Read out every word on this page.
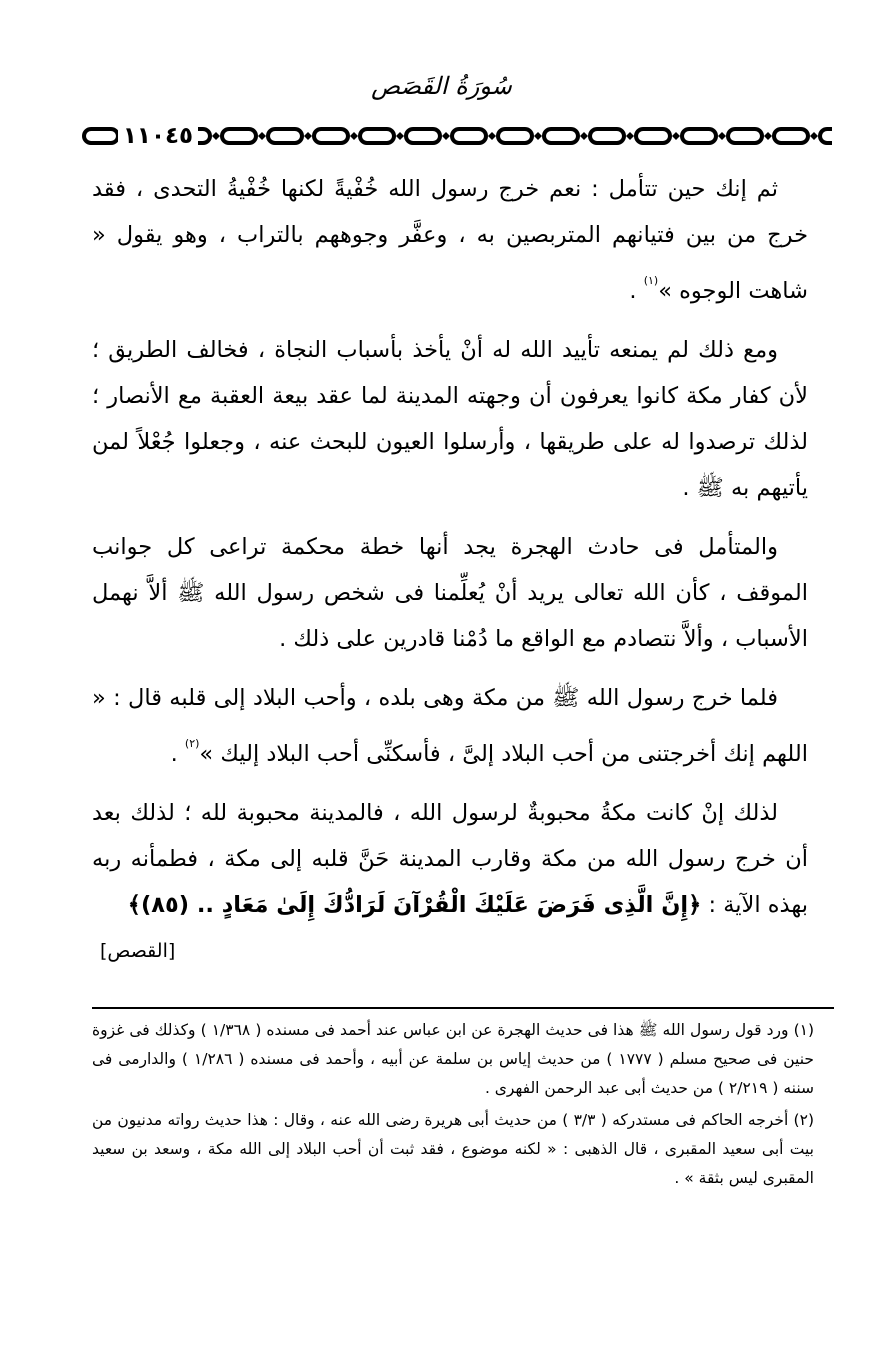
سُورَةُ القَصَص
١١٠٤٥

ثم إنك حين تتأمل : نعم خرج رسول الله خُفْيةً لكنها خُفْيةُ التحدى ، فقد خرج من بين فتيانهم المتربصين به ، وعفَّر وجوههم بالتراب ، وهو يقول « شاهت الوجوه »$^{(١)}$ .

ومع ذلك لم يمنعه تأييد الله له أنْ يأخذ بأسباب النجاة ، فخالف الطريق ؛ لأن كفار مكة كانوا يعرفون أن وجهته المدينة لما عقد بيعة العقبة مع الأنصار ؛ لذلك ترصدوا له على طريقها ، وأرسلوا العيون للبحث عنه ، وجعلوا جُعْلاً لمن يأتيهم به ﷺ .

والمتأمل فى حادث الهجرة يجد أنها خطة محكمة تراعى كل جوانب الموقف ، كأن الله تعالى يريد أنْ يُعلِّمنا فى شخص رسول الله ﷺ ألاَّ نهمل الأسباب ، وألاَّ نتصادم مع الواقع ما دُمْنا قادرين على ذلك .

فلما خرج رسول الله ﷺ من مكة وهى بلده ، وأحب البلاد إلى قلبه قال : « اللهم إنك أخرجتنى من أحب البلاد إلىَّ ، فأسكنِّى أحب البلاد إليك »$^{(٢)}$ .

لذلك إنْ كانت مكةُ محبوبةٌ لرسول الله ، فالمدينة محبوبة لله ؛ لذلك بعد أن خرج رسول الله من مكة وقارب المدينة حَنَّ قلبه إلى مكة ، فطمأنه ربه بهذه الآية : ﴿إِنَّ الَّذِى فَرَضَ عَلَيْكَ الْقُرْآنَ لَرَادُّكَ إِلَىٰ مَعَادٍ .. (٨٥)﴾
[القصص]

(١) ورد قول رسول الله ﷺ هذا فى حديث الهجرة عن ابن عباس عند أحمد فى مسنده ( ١/٣٦٨ ) وكذلك فى غزوة حنين فى صحيح مسلم ( ١٧٧٧ ) من حديث إياس بن سلمة عن أبيه ، وأحمد فى مسنده ( ١/٢٨٦ ) والدارمى فى سننه ( ٢/٢١٩ ) من حديث أبى عبد الرحمن الفهرى .

(٢) أخرجه الحاكم فى مستدركه ( ٣/٣ ) من حديث أبى هريرة رضى الله عنه ، وقال : هذا حديث رواته مدنيون من بيت أبى سعيد المقبرى ، قال الذهبى : « لكنه موضوع ، فقد ثبت أن أحب البلاد إلى الله مكة ، وسعد بن سعيد المقبرى ليس بثقة » .
